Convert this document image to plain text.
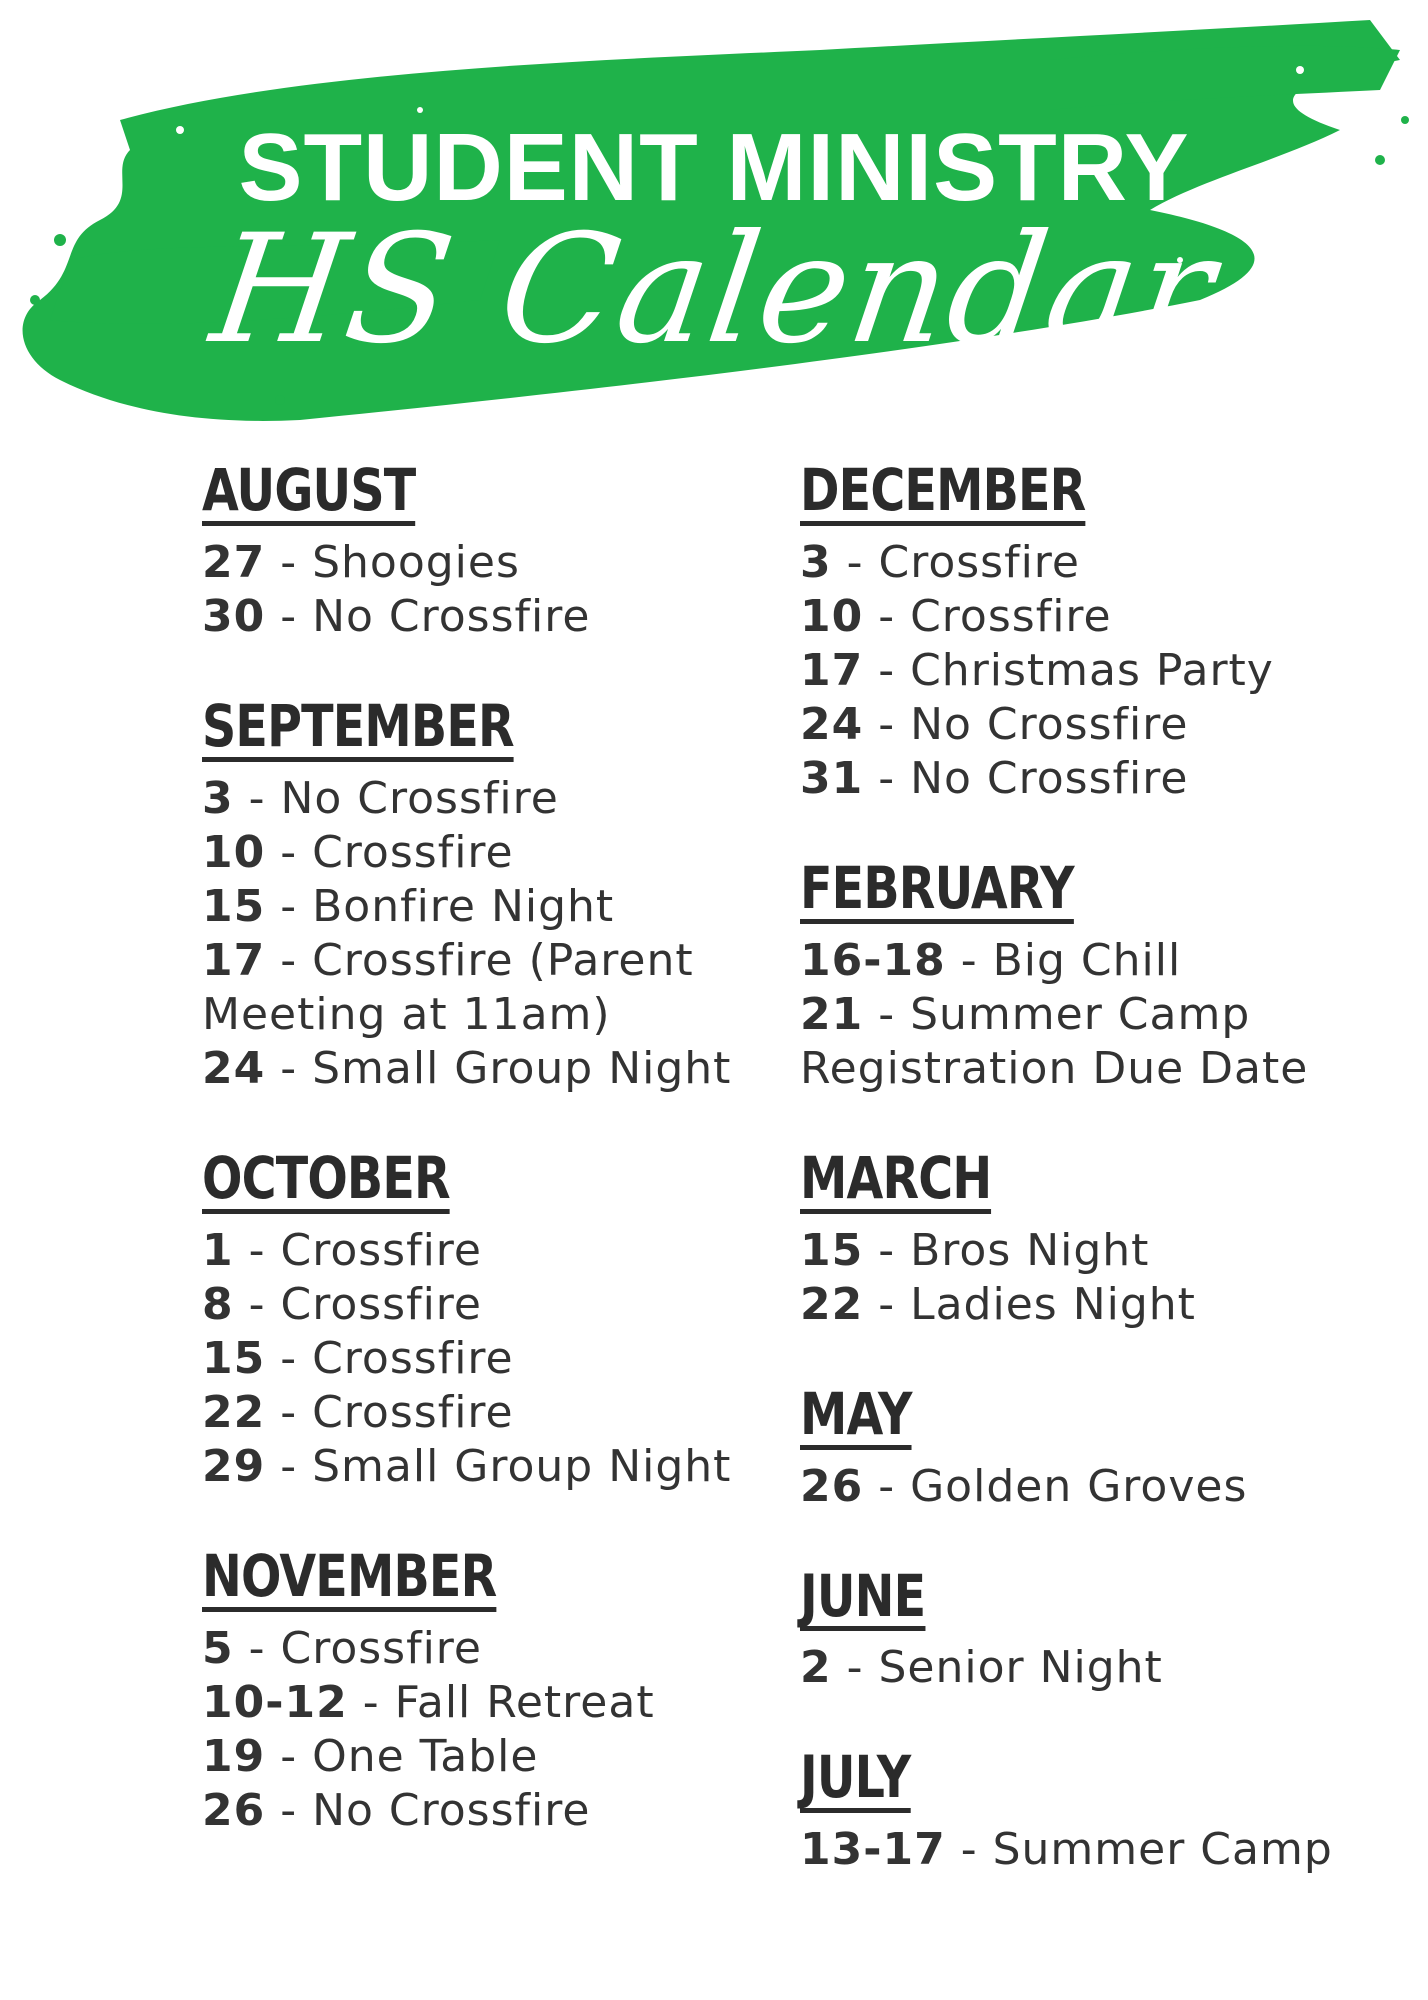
STUDENT MINISTRY
HS Calendar
AUGUST
27 - Shoogies
30 - No Crossfire
SEPTEMBER
3 - No Crossfire
10 - Crossfire
15 - Bonfire Night
17 - Crossfire (Parent Meeting at 11am)
24 - Small Group Night
OCTOBER
1 - Crossfire
8 - Crossfire
15 - Crossfire
22 - Crossfire
29 - Small Group Night
NOVEMBER
5 - Crossfire
10-12 - Fall Retreat
19 - One Table
26 - No Crossfire
DECEMBER
3 - Crossfire
10 - Crossfire
17 - Christmas Party
24 - No Crossfire
31 - No Crossfire
FEBRUARY
16-18 - Big Chill
21 - Summer Camp Registration Due Date
MARCH
15 - Bros Night
22 - Ladies Night
MAY
26 - Golden Groves
JUNE
2 - Senior Night
JULY
13-17 - Summer Camp
